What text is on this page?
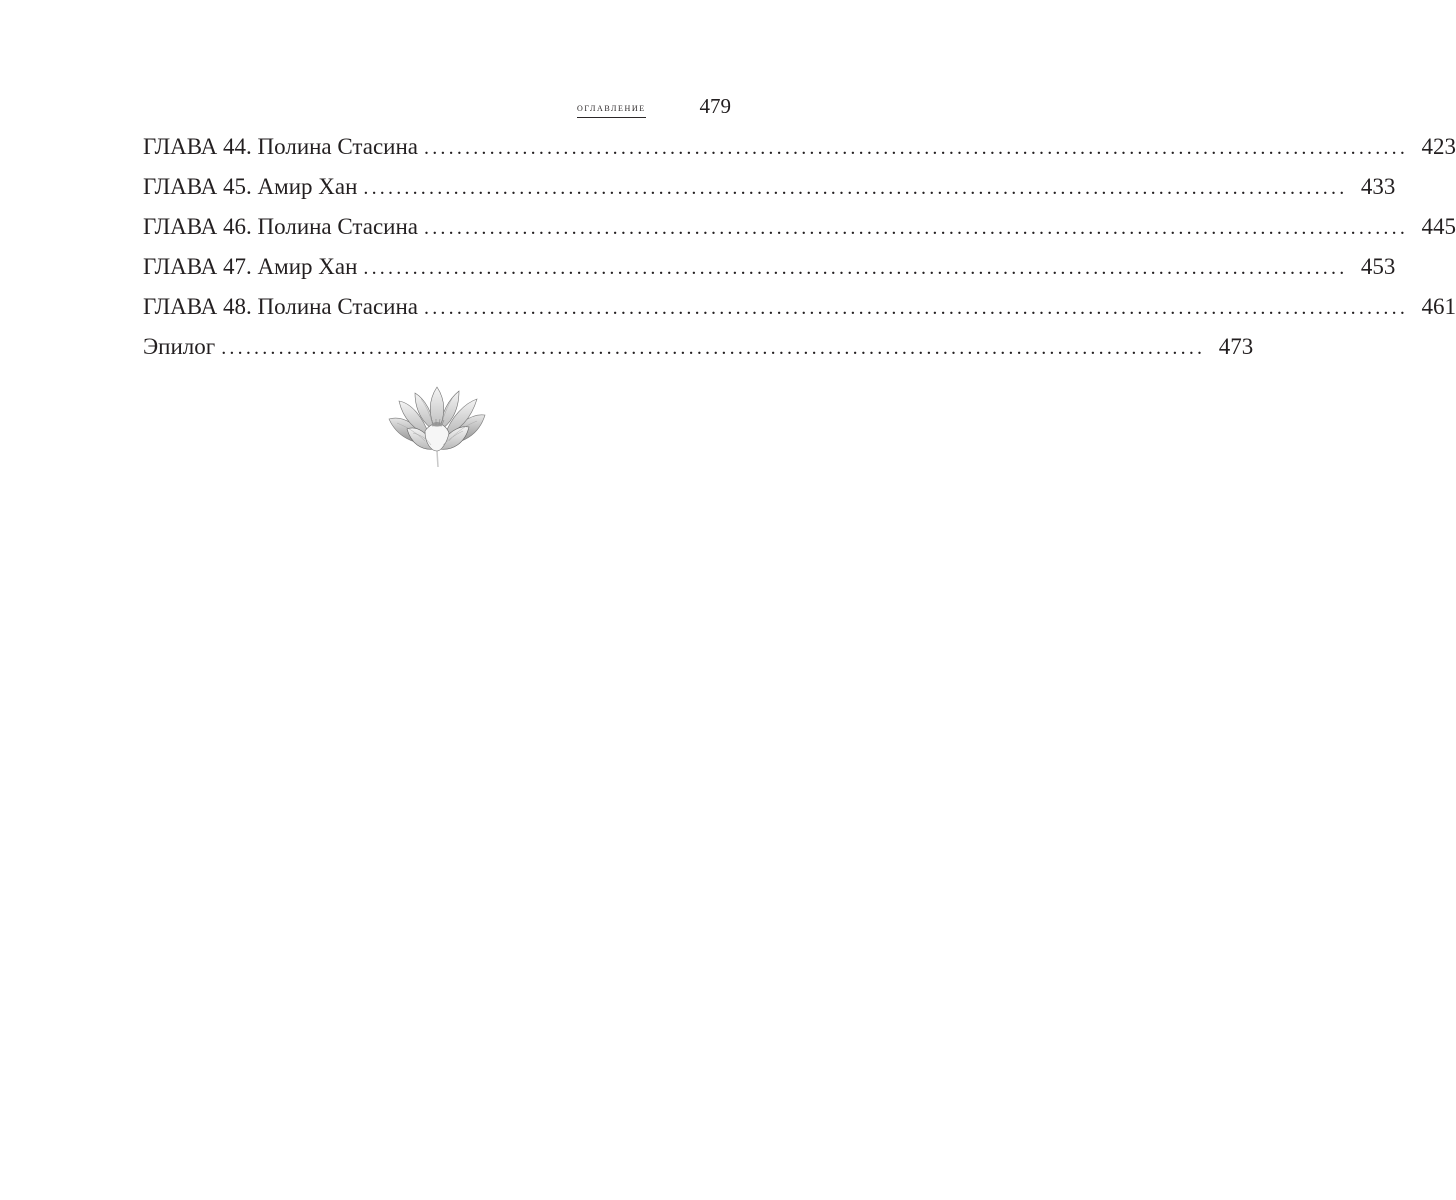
оглавление	479
ГЛАВА 44. Полина Стасина ........................................................................................................................ 423
ГЛАВА 45. Амир Хан ........................................................................................................................ 433
ГЛАВА 46. Полина Стасина ........................................................................................................................ 445
ГЛАВА 47. Амир Хан ........................................................................................................................ 453
ГЛАВА 48. Полина Стасина ........................................................................................................................ 461
Эпилог ........................................................................................................................ 473
